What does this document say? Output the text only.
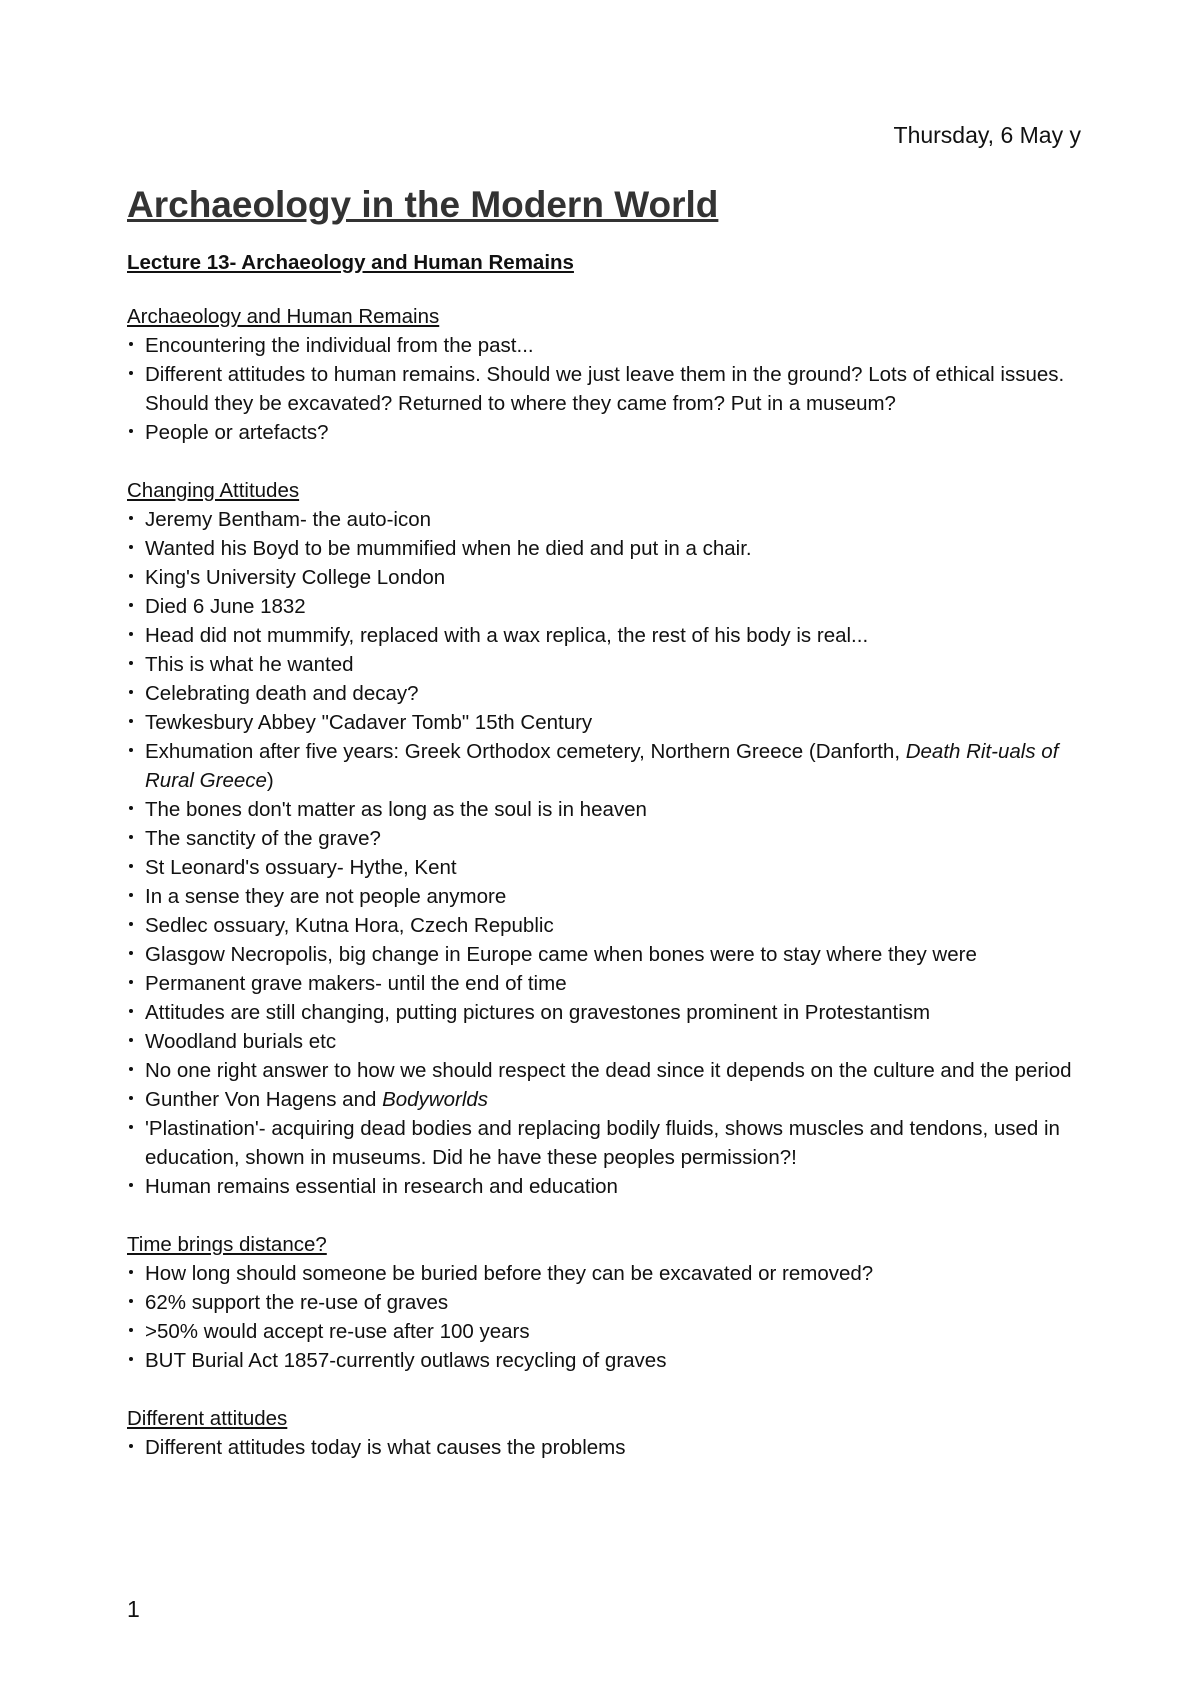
Thursday, 6 May y
Archaeology in the Modern World
Lecture 13- Archaeology and Human Remains
Archaeology and Human Remains
Encountering the individual from the past...
Different attitudes to human remains. Should we just leave them in the ground? Lots of ethical issues. Should they be excavated? Returned to where they came from? Put in a museum?
People or artefacts?
Changing Attitudes
Jeremy Bentham- the auto-icon
Wanted his Boyd to be mummified when he died and put in a chair.
King's University College London
Died 6 June 1832
Head did not mummify, replaced with a wax replica, the rest of his body is real...
This is what he wanted
Celebrating death and decay?
Tewkesbury Abbey "Cadaver Tomb" 15th Century
Exhumation after five years: Greek Orthodox cemetery, Northern Greece (Danforth, Death Rit-uals of Rural Greece)
The bones don't matter as long as the soul is in heaven
The sanctity of the grave?
St Leonard's ossuary- Hythe, Kent
In a sense they are not people anymore
Sedlec ossuary, Kutna Hora, Czech Republic
Glasgow Necropolis, big change in Europe came when bones were to stay where they were
Permanent grave makers- until the end of time
Attitudes are still changing, putting pictures on gravestones prominent in Protestantism
Woodland burials etc
No one right answer to how we should respect the dead since it depends on the culture and the period
Gunther Von Hagens and Bodyworlds
'Plastination'- acquiring dead bodies and replacing bodily fluids, shows muscles and tendons, used in education, shown in museums. Did he have these peoples permission?!
Human remains essential in research and education
Time brings distance?
How long should someone be buried before they can be excavated or removed?
62% support the re-use of graves
>50% would accept re-use after 100 years
BUT Burial Act 1857-currently outlaws recycling of graves
Different attitudes
Different attitudes today is what causes the problems
1
